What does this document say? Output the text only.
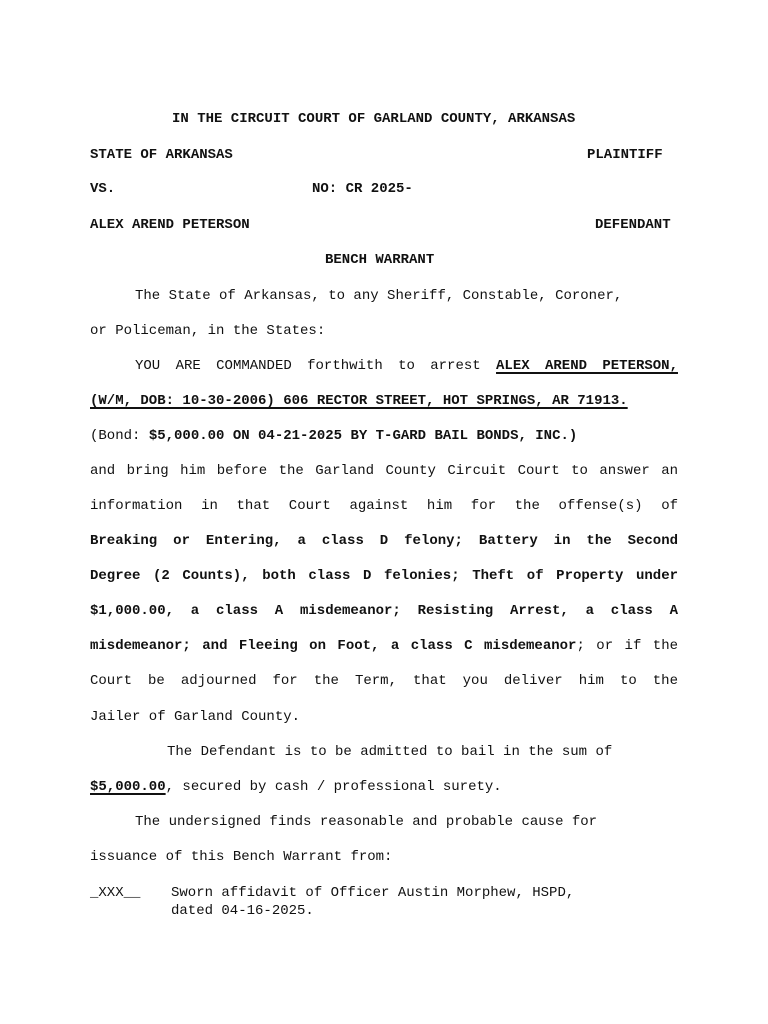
IN THE CIRCUIT COURT OF GARLAND COUNTY, ARKANSAS
STATE OF ARKANSAS	PLAINTIFF
VS.	NO: CR 2025-
ALEX AREND PETERSON	DEFENDANT
BENCH WARRANT
The State of Arkansas, to any Sheriff, Constable, Coroner,
or Policeman, in the States:
YOU ARE COMMANDED forthwith to arrest ALEX AREND PETERSON,
(W/M, DOB: 10-30-2006) 606 RECTOR STREET, HOT SPRINGS, AR 71913.
(Bond: $5,000.00 ON 04-21-2025 BY T-GARD BAIL BONDS, INC.)
and bring him before the Garland County Circuit Court to answer an
information in that Court against him for the offense(s) of
Breaking or Entering, a class D felony; Battery in the Second
Degree (2 Counts), both class D felonies; Theft of Property under
$1,000.00, a class A misdemeanor; Resisting Arrest, a class A
misdemeanor; and Fleeing on Foot, a class C misdemeanor; or if the
Court be adjourned for the Term, that you deliver him to the
Jailer of Garland County.
The Defendant is to be admitted to bail in the sum of
$5,000.00, secured by cash / professional surety.
The undersigned finds reasonable and probable cause for
issuance of this Bench Warrant from:
_XXX__ Sworn affidavit of Officer Austin Morphew, HSPD,
dated 04-16-2025.
